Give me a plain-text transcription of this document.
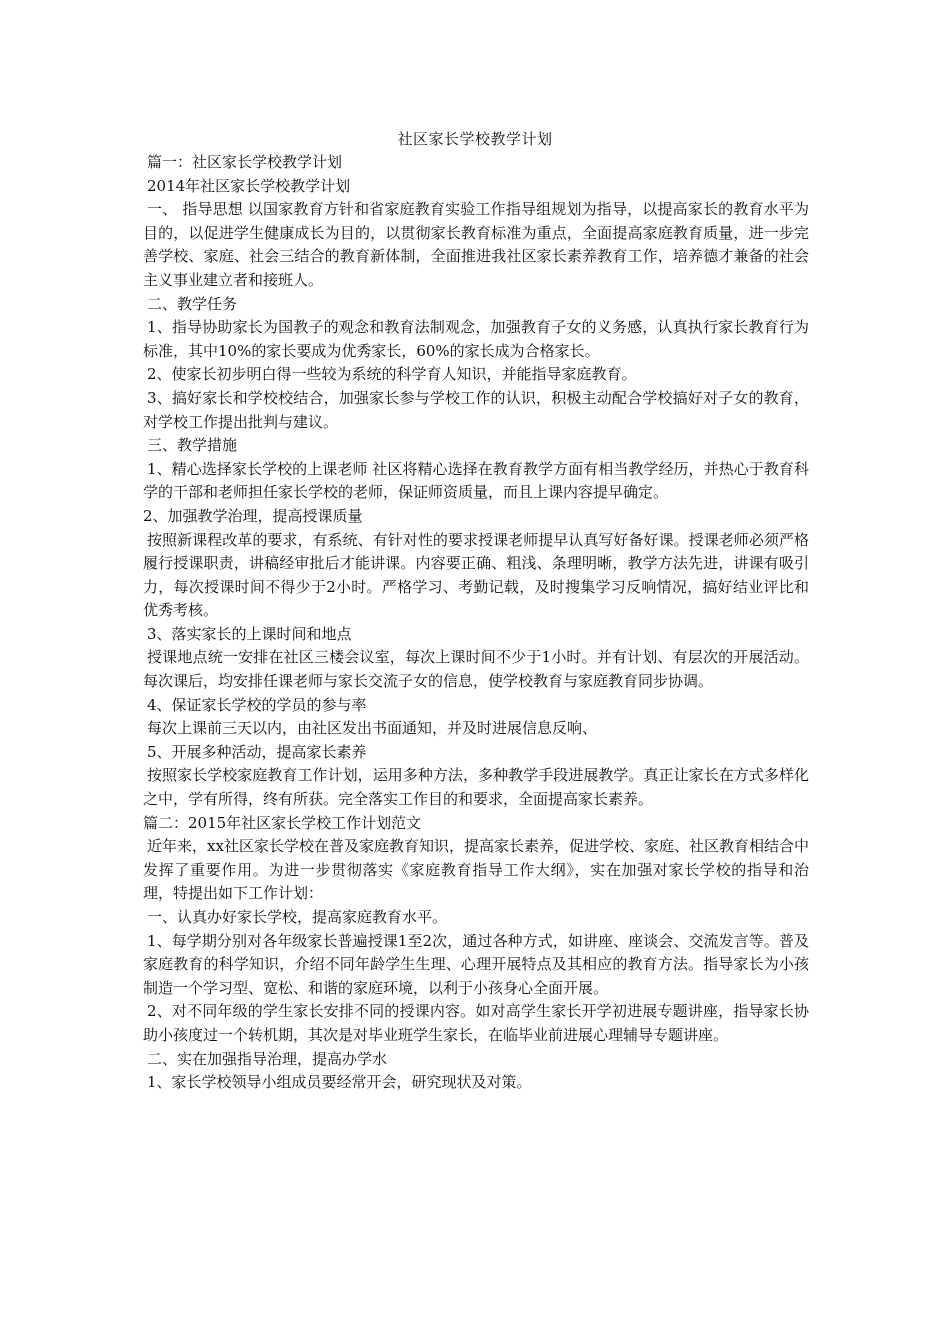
社区家长学校教学计划

篇一：社区家长学校教学计划

2014年社区家长学校教学计划

一、 指导思想 以国家教育方针和省家庭教育实验工作指导组规划为指导，以提高家长的教育水平为目的，以促进学生健康成长为目的，以贯彻家长教育标准为重点，全面提高家庭教育质量，进一步完善学校、家庭、社会三结合的教育新体制，全面推进我社区家长素养教育工作，培养德才兼备的社会主义事业建立者和接班人。

二、教学任务

1、指导协助家长为国教子的观念和教育法制观念，加强教育子女的义务感，认真执行家长教育行为标准，其中10%的家长要成为优秀家长，60%的家长成为合格家长。

2、使家长初步明白得一些较为系统的科学育人知识，并能指导家庭教育。

3、搞好家长和学校校结合，加强家长参与学校工作的认识，积极主动配合学校搞好对子女的教育，对学校工作提出批判与建议。

三、教学措施

1、精心选择家长学校的上课老师 社区将精心选择在教育教学方面有相当教学经历，并热心于教育科学的干部和老师担任家长学校的老师，保证师资质量，而且上课内容提早确定。

2、加强教学治理，提高授课质量

按照新课程改革的要求，有系统、有针对性的要求授课老师提早认真写好备好课。授课老师必须严格履行授课职责，讲稿经审批后才能讲课。内容要正确、粗浅、条理明晰，教学方法先进，讲课有吸引力，每次授课时间不得少于2小时。严格学习、考勤记载，及时搜集学习反响情况，搞好结业评比和优秀考核。

3、落实家长的上课时间和地点

授课地点统一安排在社区三楼会议室，每次上课时间不少于1小时。并有计划、有层次的开展活动。每次课后，均安排任课老师与家长交流子女的信息，使学校教育与家庭教育同步协调。

4、保证家长学校的学员的参与率

每次上课前三天以内，由社区发出书面通知，并及时进展信息反响、

5、开展多种活动，提高家长素养

按照家长学校家庭教育工作计划，运用多种方法，多种教学手段进展教学。真正让家长在方式多样化之中，学有所得，终有所获。完全落实工作目的和要求，全面提高家长素养。

篇二：2015年社区家长学校工作计划范文

近年来，xx社区家长学校在普及家庭教育知识，提高家长素养，促进学校、家庭、社区教育相结合中发挥了重要作用。为进一步贯彻落实《家庭教育指导工作大纲》，实在加强对家长学校的指导和治理，特提出如下工作计划：

一、认真办好家长学校，提高家庭教育水平。

1、每学期分别对各年级家长普遍授课1至2次，通过各种方式，如讲座、座谈会、交流发言等。普及家庭教育的科学知识，介绍不同年龄学生生理、心理开展特点及其相应的教育方法。指导家长为小孩制造一个学习型、宽松、和谐的家庭环境，以利于小孩身心全面开展。

2、对不同年级的学生家长安排不同的授课内容。如对高学生家长开学初进展专题讲座，指导家长协助小孩度过一个转机期，其次是对毕业班学生家长，在临毕业前进展心理辅导专题讲座。

二、实在加强指导治理，提高办学水

1、家长学校领导小组成员要经常开会，研究现状及对策。
